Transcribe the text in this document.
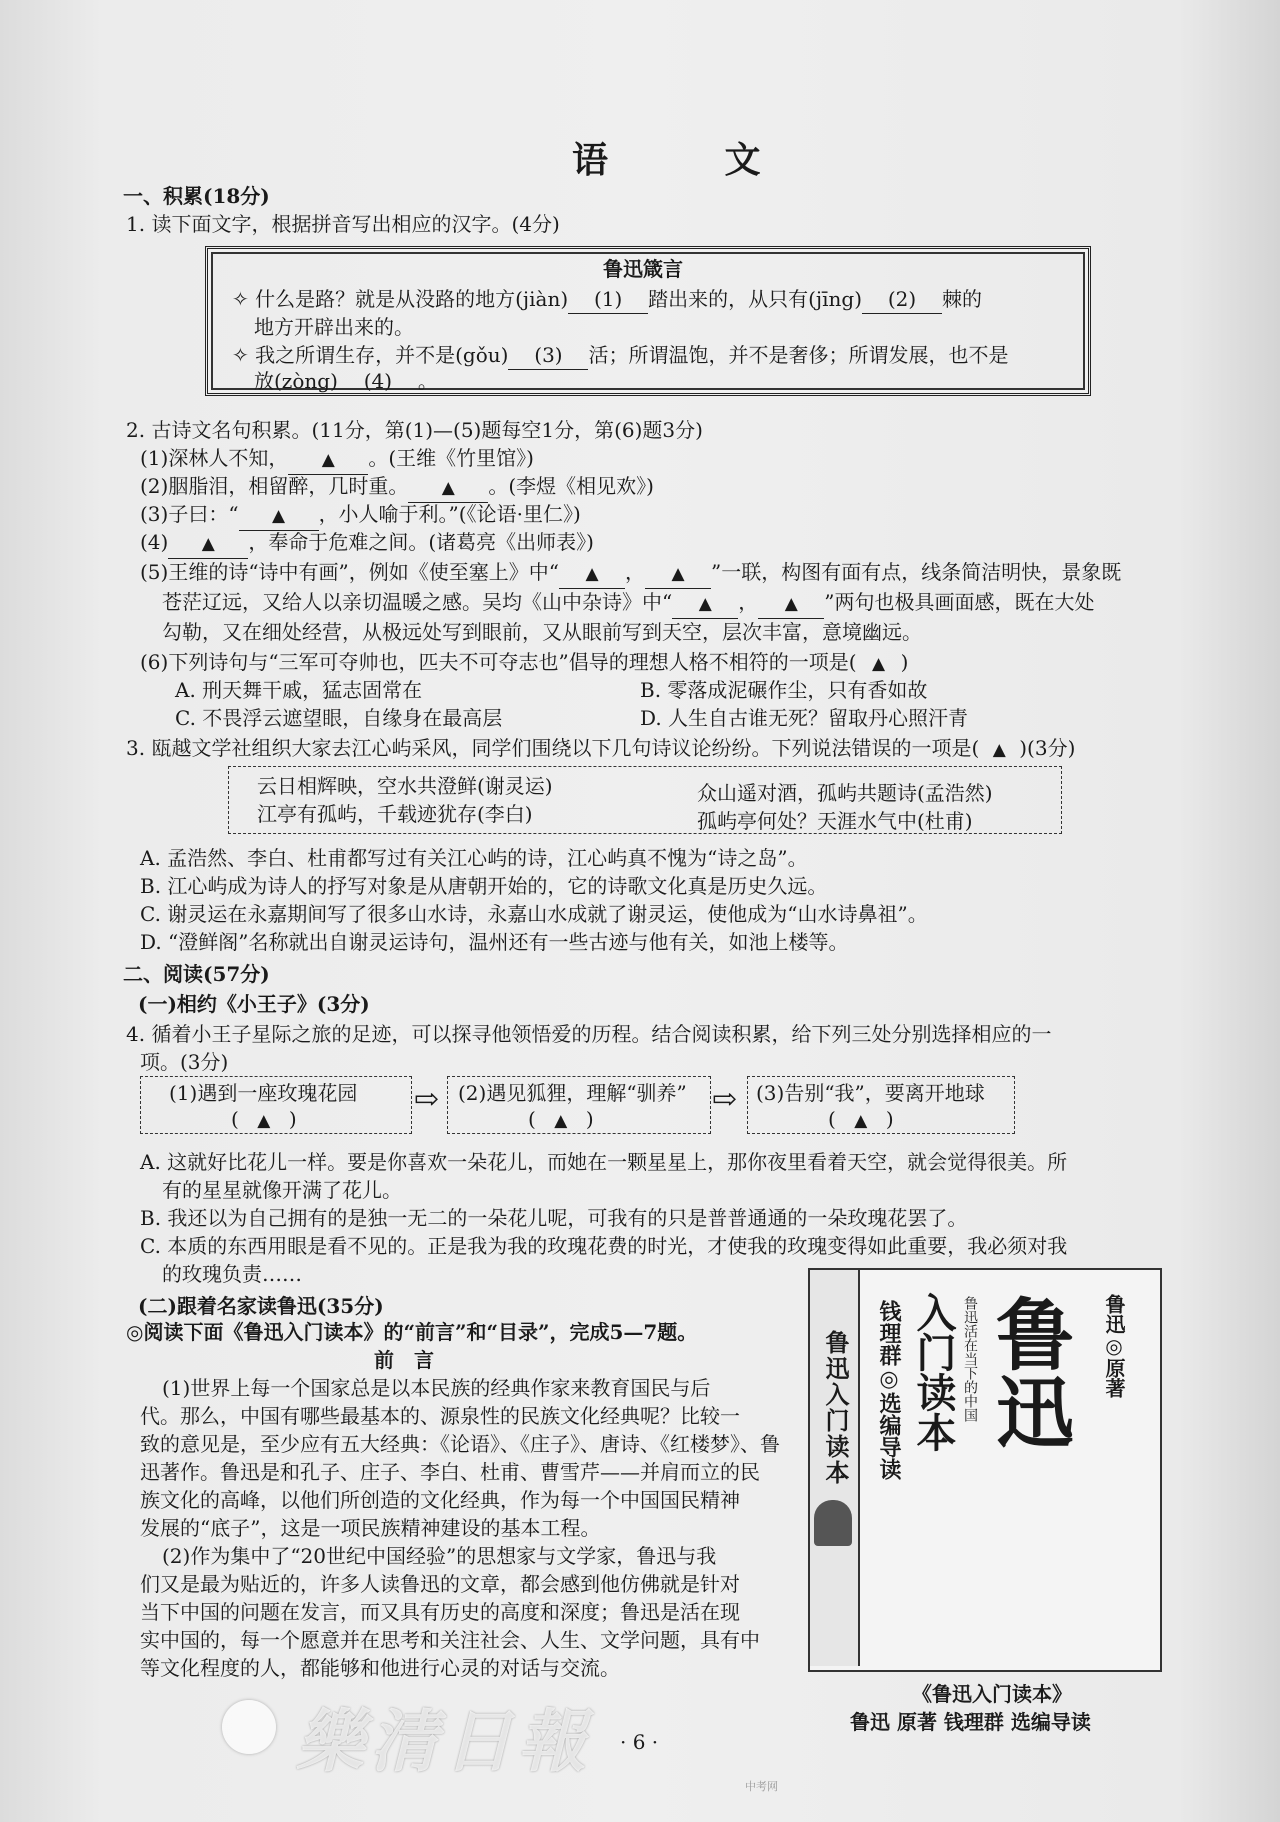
语 文
一、积累(18分)
1. 读下面文字，根据拼音写出相应的汉字。(4分)
鲁迅箴言
✧ 什么是路？就是从没路的地方(jiàn) (1) 踏出来的，从只有(jīng) (2) 棘的
地方开辟出来的。
✧ 我之所谓生存，并不是(gǒu) (3) 活；所谓温饱，并不是奢侈；所谓发展，也不是
放(zòng) (4) 。
2. 古诗文名句积累。(11分，第(1)—(5)题每空1分，第(6)题3分)
(1)深林人不知， ▲ 。(王维《竹里馆》)
(2)胭脂泪，相留醉，几时重。 ▲ 。(李煜《相见欢》)
(3)子曰：“ ▲ ，小人喻于利。”(《论语·里仁》)
(4) ▲ ，奉命于危难之间。(诸葛亮《出师表》)
(5)王维的诗“诗中有画”，例如《使至塞上》中“ ▲ ， ▲ ”一联，构图有面有点，线条简洁明快，景象既
苍茫辽远，又给人以亲切温暖之感。吴均《山中杂诗》中“ ▲ ， ▲ ”两句也极具画面感，既在大处
勾勒，又在细处经营，从极远处写到眼前，又从眼前写到天空，层次丰富，意境幽远。
(6)下列诗句与“三军可夺帅也，匹夫不可夺志也”倡导的理想人格不相符的一项是( ▲ )
A. 刑天舞干戚，猛志固常在	B. 零落成泥碾作尘，只有香如故
C. 不畏浮云遮望眼，自缘身在最高层	D. 人生自古谁无死？留取丹心照汗青
3. 瓯越文学社组织大家去江心屿采风，同学们围绕以下几句诗议论纷纷。下列说法错误的一项是( ▲ )(3分)
云日相辉映，空水共澄鲜(谢灵运)
江亭有孤屿，千载迹犹存(李白)
众山遥对酒，孤屿共题诗(孟浩然)
孤屿亭何处？天涯水气中(杜甫)
A. 孟浩然、李白、杜甫都写过有关江心屿的诗，江心屿真不愧为“诗之岛”。
B. 江心屿成为诗人的抒写对象是从唐朝开始的，它的诗歌文化真是历史久远。
C. 谢灵运在永嘉期间写了很多山水诗，永嘉山水成就了谢灵运，使他成为“山水诗鼻祖”。
D. “澄鲜阁”名称就出自谢灵运诗句，温州还有一些古迹与他有关，如池上楼等。
二、阅读(57分)
(一)相约《小王子》(3分)
4. 循着小王子星际之旅的足迹，可以探寻他领悟爱的历程。结合阅读积累，给下列三处分别选择相应的一
项。(3分)
(1)遇到一座玫瑰花园
( ▲ )
⇨ (2)遇见狐狸，理解“驯养”
( ▲ )
⇨ (3)告别“我”，要离开地球
( ▲ )
A. 这就好比花儿一样。要是你喜欢一朵花儿，而她在一颗星星上，那你夜里看着天空，就会觉得很美。所
有的星星就像开满了花儿。
B. 我还以为自己拥有的是独一无二的一朵花儿呢，可我有的只是普普通通的一朵玫瑰花罢了。
C. 本质的东西用眼是看不见的。正是我为我的玫瑰花费的时光，才使我的玫瑰变得如此重要，我必须对我
的玫瑰负责……
(二)跟着名家读鲁迅(35分)
◎阅读下面《鲁迅入门读本》的“前言”和“目录”，完成5—7题。
前　言
(1)世界上每一个国家总是以本民族的经典作家来教育国民与后
代。那么，中国有哪些最基本的、源泉性的民族文化经典呢？比较一
致的意见是，至少应有五大经典：《论语》、《庄子》、唐诗、《红楼梦》、鲁
迅著作。鲁迅是和孔子、庄子、李白、杜甫、曹雪芹——并肩而立的民
族文化的高峰，以他们所创造的文化经典，作为每一个中国国民精神
发展的“底子”，这是一项民族精神建设的基本工程。
(2)作为集中了“20世纪中国经验”的思想家与文学家，鲁迅与我
们又是最为贴近的，许多人读鲁迅的文章，都会感到他仿佛就是针对
当下中国的问题在发言，而又具有历史的高度和深度；鲁迅是活在现
实中国的，每一个愿意并在思考和关注社会、人生、文学问题，具有中
等文化程度的人，都能够和他进行心灵的对话与交流。
鲁迅入门读本 钱理群◎选编导读 入门读本 鲁迅活在当下的中国 鲁迅 鲁迅◎原著
《鲁迅入门读本》
鲁迅 原著 钱理群 选编导读
· 6 ·
樂清日報
中考网
